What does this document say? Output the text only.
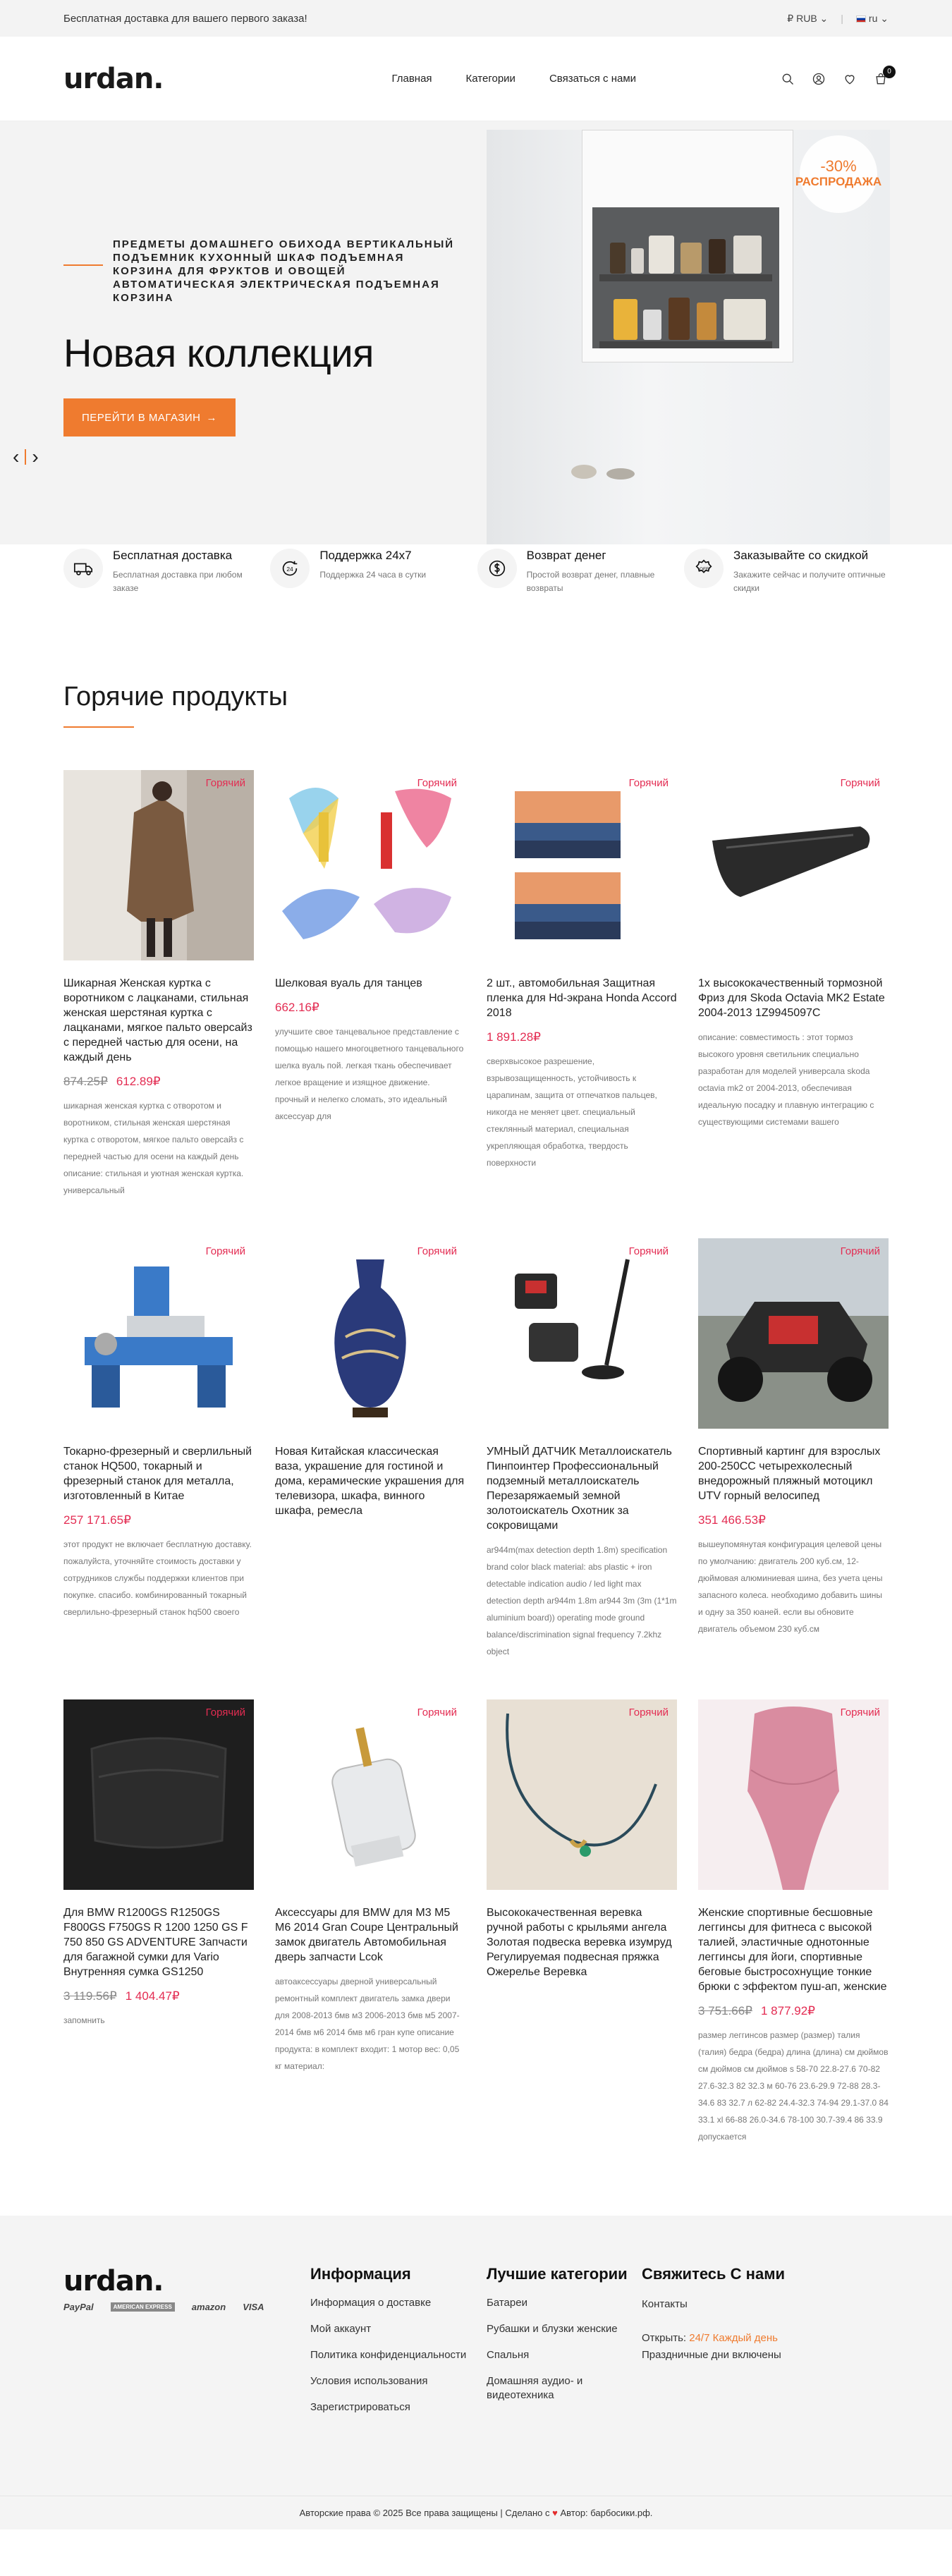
Бесплатная доставка для вашего первого заказа!	₽ RUB ⌄ |	ru ⌄
urdan.	Главная	Категории	Связаться с нами
0
ПРЕДМЕТЫ ДОМАШНЕГО ОБИХОДА ВЕРТИКАЛЬНЫЙ ПОДЪЕМНИК КУХОННЫЙ ШКАФ ПОДЪЕМНАЯ КОРЗИНА ДЛЯ ФРУКТОВ И ОВОЩЕЙ АВТОМАТИЧЕСКАЯ ЭЛЕКТРИЧЕСКАЯ ПОДЪЕМНАЯ КОРЗИНА
Новая коллекция
ПЕРЕЙТИ В МАГАЗИН →
‹ ›
-30%
РАСПРОДАЖА
Бесплатная доставка
Бесплатная доставка при любом заказе
24
Поддержка 24x7
Поддержка 24 часа в сутки
Возврат денег
Простой возврат денег, плавные возвраты
OFF
Заказывайте со скидкой
Закажите сейчас и получите оптичные скидки
Горячие продукты
Горячий
Шикарная Женская куртка с воротником с лацканами, стильная женская шерстяная куртка с лацканами, мягкое пальто оверсайз с передней частью для осени, на каждый день
874.25₽ 612.89₽
шикарная женская куртка с отворотом и воротником, стильная женская шерстяная куртка с отворотом, мягкое пальто оверсайз с передней частью для осени на каждый день описание: стильная и уютная женская куртка. универсальный
Горячий
Шелковая вуаль для танцев
662.16₽
улучшите свое танцевальное представление с помощью нашего многоцветного танцевального шелка вуаль пой. легкая ткань обеспечивает легкое вращение и изящное движение. прочный и нелегко сломать, это идеальный аксессуар для
Горячий
2 шт., автомобильная Защитная пленка для Hd-экрана Honda Accord 2018
1 891.28₽
сверхвысокое разрешение, взрывозащищенность, устойчивость к царапинам, защита от отпечатков пальцев, никогда не меняет цвет. специальный стеклянный материал, специальная укрепляющая обработка, твердость поверхности
Горячий
1x высококачественный тормозной Фриз для Skoda Octavia MK2 Estate 2004-2013 1Z9945097C
описание: совместимость : этот тормоз высокого уровня светильник специально разработан для моделей универсала skoda octavia mk2 от 2004-2013, обеспечивая идеальную посадку и плавную интеграцию с существующими системами вашего
Горячий
Токарно-фрезерный и сверлильный станок HQ500, токарный и фрезерный станок для металла, изготовленный в Китае
257 171.65₽
этот продукт не включает бесплатную доставку. пожалуйста, уточняйте стоимость доставки у сотрудников службы поддержки клиентов при покупке. спасибо. комбинированный токарный сверлильно-фрезерный станок hq500 своего
Горячий
Новая Китайская классическая ваза, украшение для гостиной и дома, керамические украшения для телевизора, шкафа, винного шкафа, ремесла
Горячий
УМНЫЙ ДАТЧИК Металлоискатель Пинпоинтер Профессиональный подземный металлоискатель Перезаряжаемый земной золотоискатель Охотник за сокровищами
ar944m(max detection depth 1.8m) specification brand color black material: abs plastic + iron detectable indication audio / led light max detection depth ar944m 1.8m ar944 3m (3m (1*1m aluminium board)) operating mode ground balance/discrimination signal frequency 7.2khz object
Горячий
Спортивный картинг для взрослых 200-250CC четырехколесный внедорожный пляжный мотоцикл UTV горный велосипед
351 466.53₽
вышеупомянутая конфигурация целевой цены по умолчанию: двигатель 200 куб.см, 12-дюймовая алюминиевая шина, без учета цены запасного колеса. необходимо добавить шины и одну за 350 юаней. если вы обновите двигатель объемом 230 куб.см
Горячий
Для BMW R1200GS R1250GS F800GS F750GS R 1200 1250 GS F 750 850 GS ADVENTURE Запчасти для багажной сумки для Vario Внутренняя сумка GS1250
3 119.56₽ 1 404.47₽
запомнить
Горячий
Аксессуары для BMW для M3 M5 M6 2014 Gran Coupe Центральный замок двигатель Автомобильная дверь запчасти Lcok
автоаксессуары дверной универсальный ремонтный комплект двигатель замка двери для 2008-2013 бмв м3 2006-2013 бмв м5 2007-2014 бмв м6 2014 бмв м6 гран купе описание продукта: в комплект входит: 1 мотор вес: 0,05 кг материал:
Горячий
Высококачественная веревка ручной работы с крыльями ангела Золотая подвеска веревка изумруд Регулируемая подвесная пряжка Ожерелье Веревка
Горячий
Женские спортивные бесшовные леггинсы для фитнеса с высокой талией, эластичные однотонные леггинсы для йоги, спортивные беговые быстросохнущие тонкие брюки с эффектом пуш-ап, женские
3 751.66₽ 1 877.92₽
размер леггинсов размер (размер) талия (талия) бедра (бедра) длина (длина) см дюймов см дюймов см дюймов s 58-70 22.8-27.6 70-82 27.6-32.3 82 32.3 м 60-76 23.6-29.9 72-88 28.3-34.6 83 32.7 л 62-82 24.4-32.3 74-94 29.1-37.0 84 33.1 xl 66-88 26.0-34.6 78-100 30.7-39.4 86 33.9 допускается
urdan.
PayPal	AMERICAN EXPRESS	amazon VISA
Информация
Информация о доставке
Мой аккаунт
Политика конфиденциальности
Условия использования
Зарегистрироваться
Лучшие категории
Батареи
Рубашки и блузки женские
Спальня
Домашняя аудио- и видеотехника
Свяжитесь С нами
Контакты
Открыть: 24/7 Каждый день
Праздничные дни включены
Авторские права © 2025 Все права защищены | Сделано с
♥
Автор: барбосики.рф.
